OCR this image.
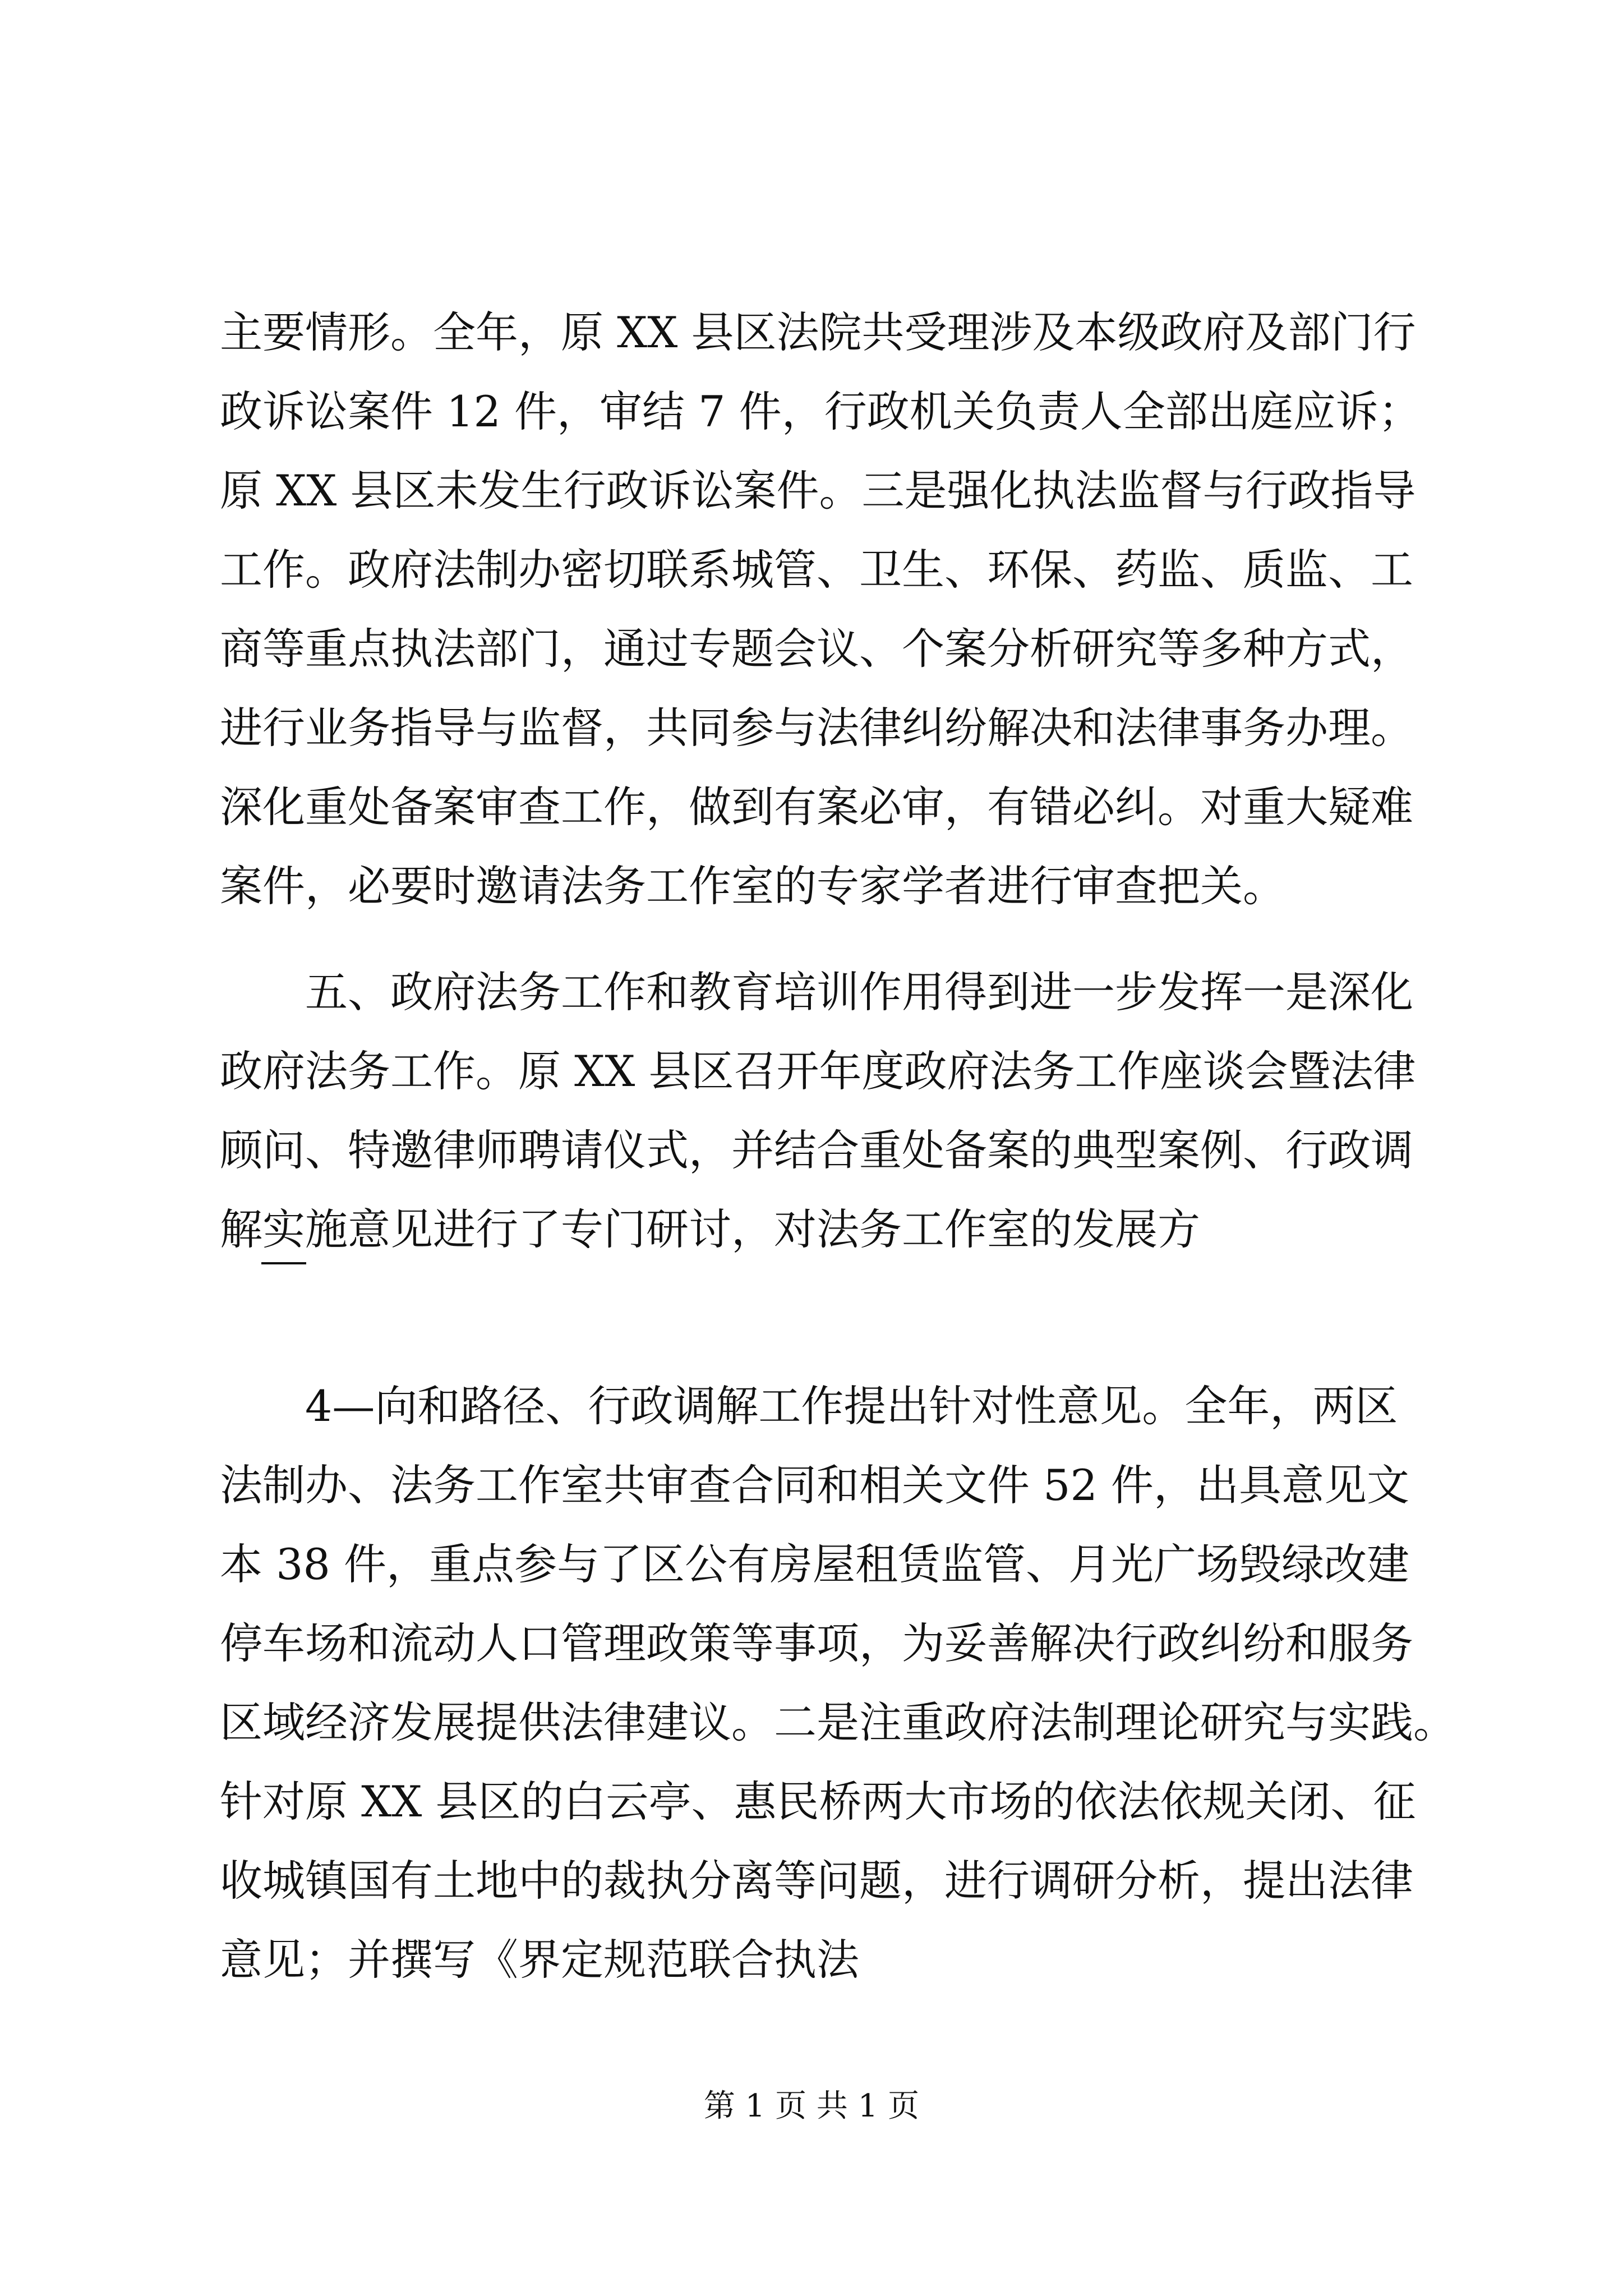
主要情形。全年，原 XX 县区法院共受理涉及本级政府及部门行
政诉讼案件 12 件，审结 7 件，行政机关负责人全部出庭应诉；
原 XX 县区未发生行政诉讼案件。三是强化执法监督与行政指导
工作。政府法制办密切联系城管、卫生、环保、药监、质监、工
商等重点执法部门，通过专题会议、个案分析研究等多种方式，
进行业务指导与监督，共同参与法律纠纷解决和法律事务办理。
深化重处备案审查工作，做到有案必审，有错必纠。对重大疑难
案件，必要时邀请法务工作室的专家学者进行审查把关。
　　五、政府法务工作和教育培训作用得到进一步发挥一是深化
政府法务工作。原 XX 县区召开年度政府法务工作座谈会暨法律
顾问、特邀律师聘请仪式，并结合重处备案的典型案例、行政调
解实施意见进行了专门研讨，对法务工作室的发展方
　　4—向和路径、行政调解工作提出针对性意见。全年，两区
法制办、法务工作室共审查合同和相关文件 52 件，出具意见文
本 38 件，重点参与了区公有房屋租赁监管、月光广场毁绿改建
停车场和流动人口管理政策等事项，为妥善解决行政纠纷和服务
区域经济发展提供法律建议。二是注重政府法制理论研究与实践。
针对原 XX 县区的白云亭、惠民桥两大市场的依法依规关闭、征
收城镇国有土地中的裁执分离等问题，进行调研分析，提出法律
意见；并撰写《界定规范联合执法
第 1 页 共 1 页
